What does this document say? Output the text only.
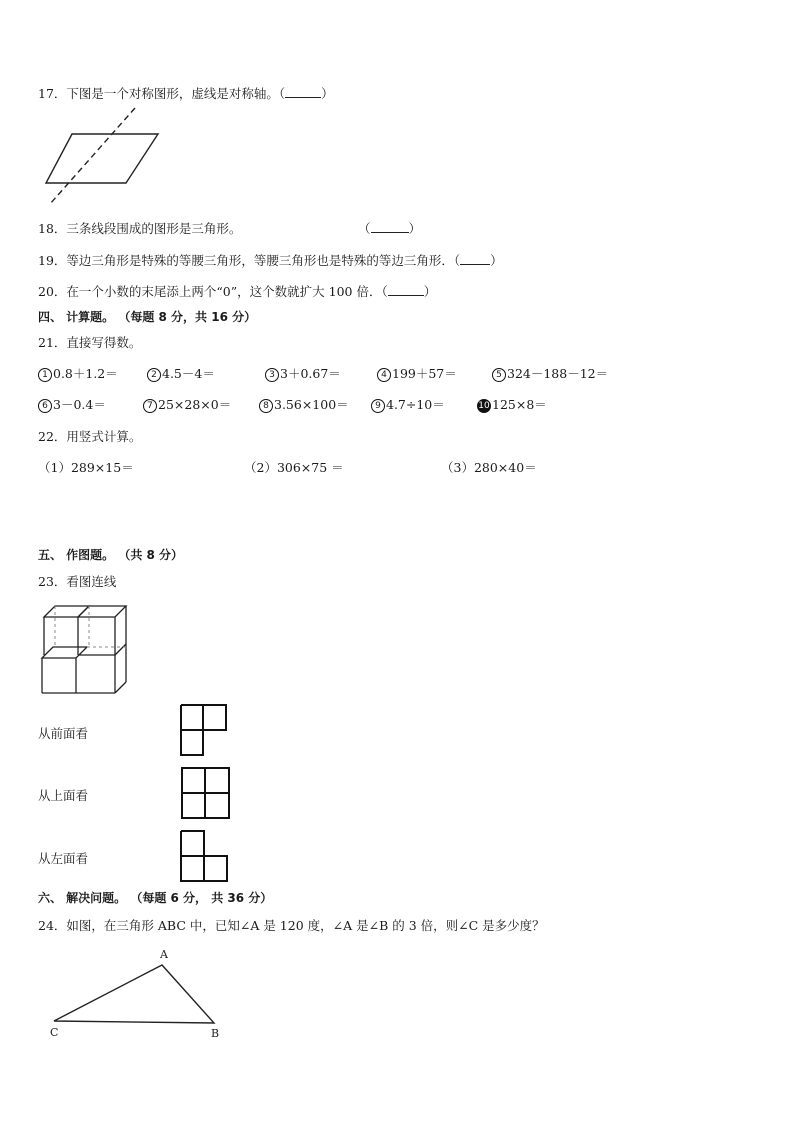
17．下图是一个对称图形，虚线是对称轴。（	）
18．三条线段围成的图形是三角形。	（	）
19．等边三角形是特殊的等腰三角形，等腰三角形也是特殊的等边三角形．（ ）
20．在一个小数的末尾添上两个“0”，这个数就扩大 100 倍．（	）
四、 计算题。 （每题 8 分，共 16 分）
21．直接写得数。
1 0.8＋1.2＝	2 4.5－4＝	3 3＋0.67＝	4 199＋57＝	5 324－188－12＝
6 3－0.4＝	7 25×28×0＝	8 3.56×100＝	9 4.7÷10＝	10 125×8＝
22．用竖式计算。
（1）289×15＝	（2）306×75 ＝	（3）280×40＝
五、 作图题。 （共 8 分）
23．看图连线
从前面看
从上面看
从左面看
六、 解决问题。 （每题 6 分， 共 36 分）
24．如图，在三角形 ABC 中，已知∠A 是 120 度，∠A 是∠B 的 3 倍，则∠C 是多少度？
A
B
C
